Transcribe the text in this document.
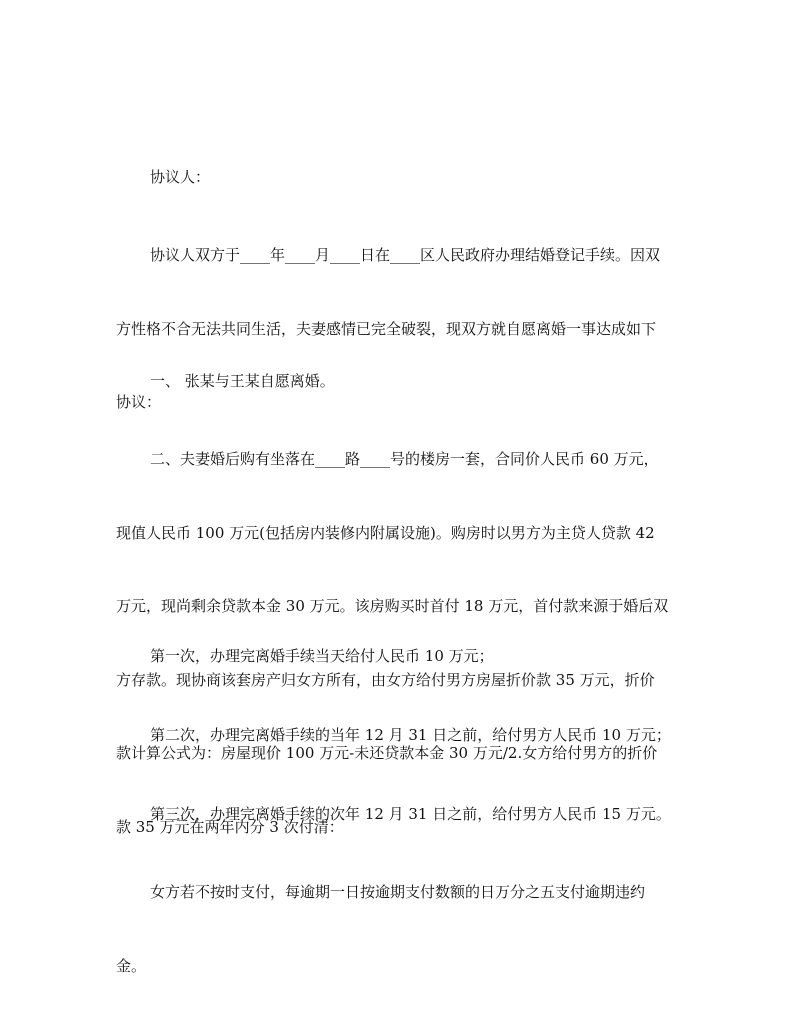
协议人：

协议人双方于____年____月____日在____区人民政府办理结婚登记手续。因双

方性格不合无法共同生活，夫妻感情已完全破裂，现双方就自愿离婚一事达成如下

协议：

一、 张某与王某自愿离婚。

二、夫妻婚后购有坐落在____路____号的楼房一套，合同价人民币 60 万元，

现值人民币 100 万元(包括房内装修内附属设施)。购房时以男方为主贷人贷款 42

万元，现尚剩余贷款本金 30 万元。该房购买时首付 18 万元，首付款来源于婚后双

方存款。现协商该套房产归女方所有，由女方给付男方房屋折价款 35 万元，折价

款计算公式为：房屋现价 100 万元-未还贷款本金 30 万元/2.女方给付男方的折价

款 35 万元在两年内分 3 次付清：

第一次，办理完离婚手续当天给付人民币 10 万元；

第二次，办理完离婚手续的当年 12 月 31 日之前，给付男方人民币 10 万元；

第三次，办理完离婚手续的次年 12 月 31 日之前，给付男方人民币 15 万元。

女方若不按时支付，每逾期一日按逾期支付数额的日万分之五支付逾期违约

金。
